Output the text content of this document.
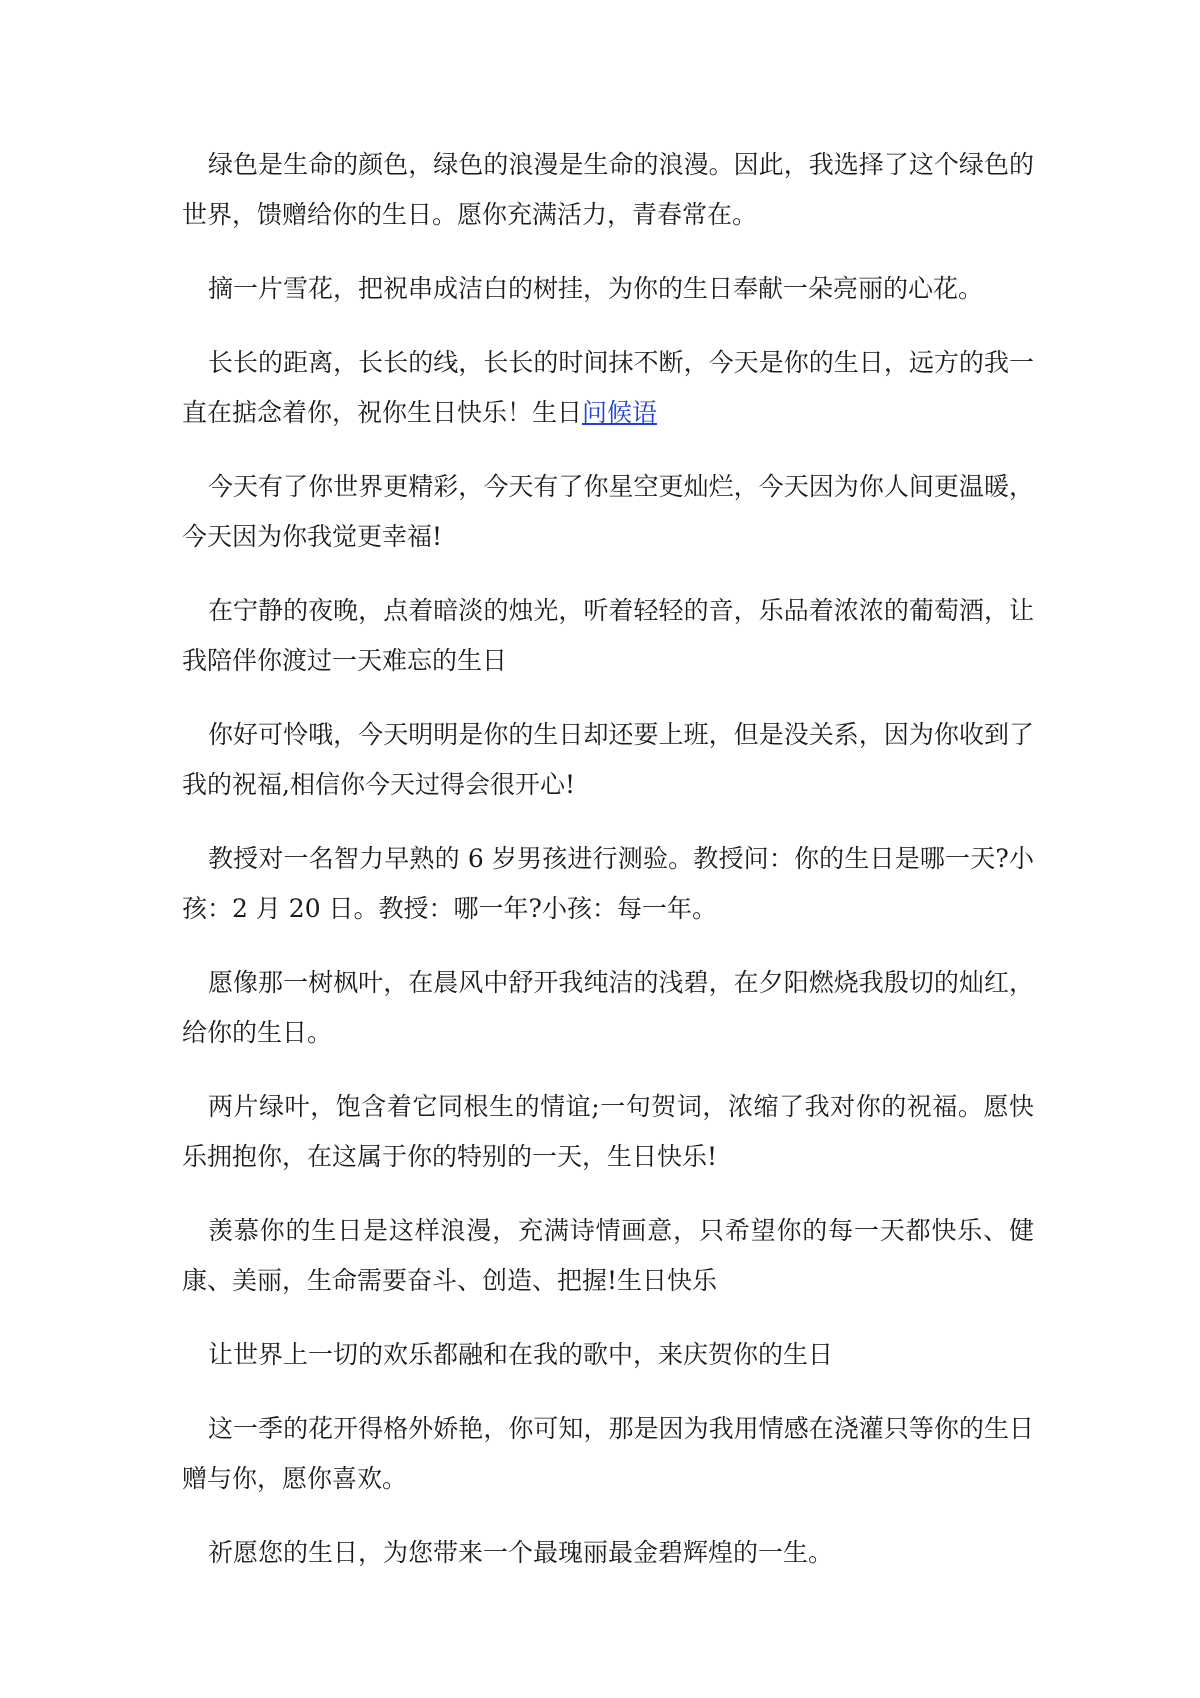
绿色是生命的颜色，绿色的浪漫是生命的浪漫。因此，我选择了这个绿色的世界，馈赠给你的生日。愿你充满活力，青春常在。

摘一片雪花，把祝串成洁白的树挂，为你的生日奉献一朵亮丽的心花。

长长的距离，长长的线，长长的时间抹不断，今天是你的生日，远方的我一直在掂念着你，祝你生日快乐！生日问候语

今天有了你世界更精彩，今天有了你星空更灿烂，今天因为你人间更温暖，今天因为你我觉更幸福!

在宁静的夜晚，点着暗淡的烛光，听着轻轻的音，乐品着浓浓的葡萄酒，让我陪伴你渡过一天难忘的生日

你好可怜哦，今天明明是你的生日却还要上班，但是没关系，因为你收到了我的祝福,相信你今天过得会很开心!

教授对一名智力早熟的 6 岁男孩进行测验。教授问：你的生日是哪一天?小孩：2 月 20 日。教授：哪一年?小孩：每一年。

愿像那一树枫叶，在晨风中舒开我纯洁的浅碧，在夕阳燃烧我殷切的灿红，给你的生日。

两片绿叶，饱含着它同根生的情谊;一句贺词，浓缩了我对你的祝福。愿快乐拥抱你，在这属于你的特别的一天，生日快乐!

羡慕你的生日是这样浪漫，充满诗情画意，只希望你的每一天都快乐、健康、美丽，生命需要奋斗、创造、把握!生日快乐

让世界上一切的欢乐都融和在我的歌中，来庆贺你的生日

这一季的花开得格外娇艳，你可知，那是因为我用情感在浇灌只等你的生日赠与你，愿你喜欢。

祈愿您的生日，为您带来一个最瑰丽最金碧辉煌的一生。
